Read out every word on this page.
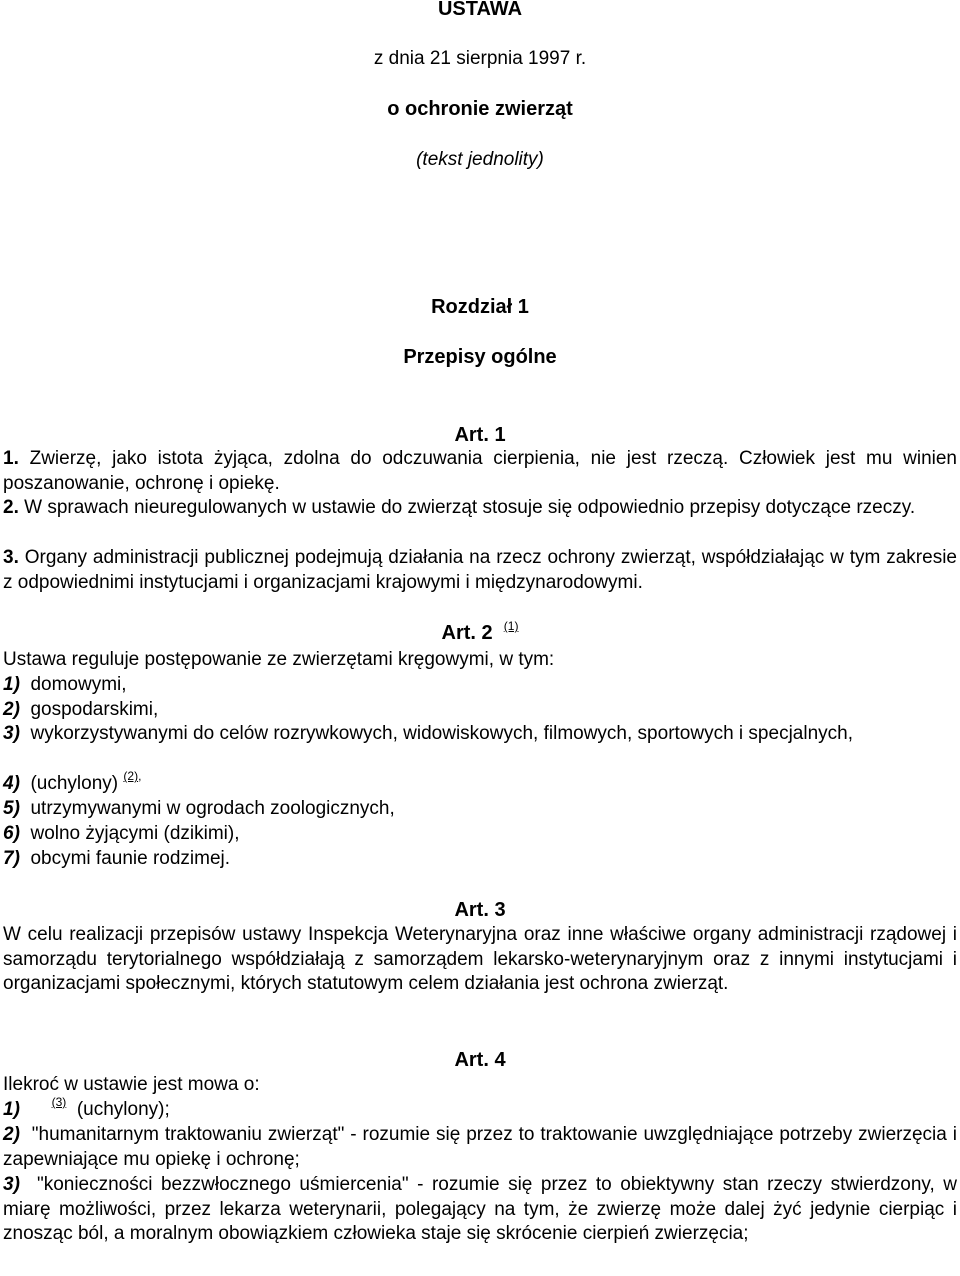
USTAWA
z dnia 21 sierpnia 1997 r.
o ochronie zwierząt
(tekst jednolity)
Rozdział 1
Przepisy ogólne
Art. 1
1. Zwierzę, jako istota żyjąca, zdolna do odczuwania cierpienia, nie jest rzeczą. Człowiek jest mu winien poszanowanie, ochronę i opiekę.
2. W sprawach nieuregulowanych w ustawie do zwierząt stosuje się odpowiednio przepisy dotyczące rzeczy.
3. Organy administracji publicznej podejmują działania na rzecz ochrony zwierząt, współdziałając w tym zakresie z odpowiednimi instytucjami i organizacjami krajowymi i międzynarodowymi.
Art. 2 $^{(1)}$
Ustawa reguluje postępowanie ze zwierzętami kręgowymi, w tym:
1) domowymi,
2) gospodarskimi,
3) wykorzystywanymi do celów rozrywkowych, widowiskowych, filmowych, sportowych i specjalnych,
4) (uchylony) $^{(2),}$
5) utrzymywanymi w ogrodach zoologicznych,
6) wolno żyjącymi (dzikimi),
7) obcymi faunie rodzimej.
Art. 3
W celu realizacji przepisów ustawy Inspekcja Weterynaryjna oraz inne właściwe organy administracji rządowej i samorządu terytorialnego współdziałają z samorządem lekarsko-weterynaryjnym oraz z innymi instytucjami i organizacjami społecznymi, których statutowym celem działania jest ochrona zwierząt.
Art. 4
Ilekroć w ustawie jest mowa o:
1)	$^{(3)}$ (uchylony);
2) "humanitarnym traktowaniu zwierząt" - rozumie się przez to traktowanie uwzględniające potrzeby zwierzęcia i zapewniające mu opiekę i ochronę;
3) "konieczności bezzwłocznego uśmiercenia" - rozumie się przez to obiektywny stan rzeczy stwierdzony, w miarę możliwości, przez lekarza weterynarii, polegający na tym, że zwierzę może dalej żyć jedynie cierpiąc i znosząc ból, a moralnym obowiązkiem człowieka staje się skrócenie cierpień zwierzęcia;
